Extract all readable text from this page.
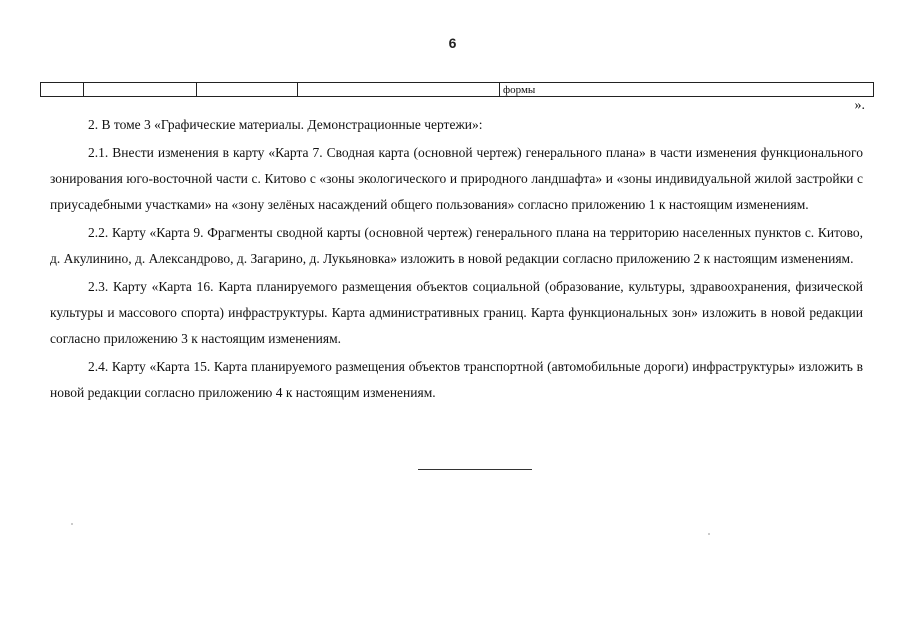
6
				формы
».

2. В томе 3 «Графические материалы. Демонстрационные чертежи»:

2.1. Внести изменения в карту «Карта 7. Сводная карта (основной чертеж) генерального плана» в части изменения функционального зонирования юго-восточной части с. Китово с «зоны экологического и природного ландшафта» и «зоны индивидуальной жилой застройки с приусадебными участками» на «зону зелёных насаждений общего пользования» согласно приложению 1 к настоящим изменениям.

2.2. Карту «Карта 9. Фрагменты сводной карты (основной чертеж) генерального плана на территорию населенных пунктов с. Китово, д. Акулинино, д. Александрово, д. Загарино, д. Лукьяновка» изложить в новой редакции согласно приложению 2 к настоящим изменениям.

2.3. Карту «Карта 16. Карта планируемого размещения объектов социальной (образование, культуры, здравоохранения, физической культуры и массового спорта) инфраструктуры. Карта административных границ. Карта функциональных зон» изложить в новой редакции согласно приложению 3 к настоящим изменениям.

2.4. Карту «Карта 15. Карта планируемого размещения объектов транспортной (автомобильные дороги) инфраструктуры» изложить в новой редакции согласно приложению 4 к настоящим изменениям.
